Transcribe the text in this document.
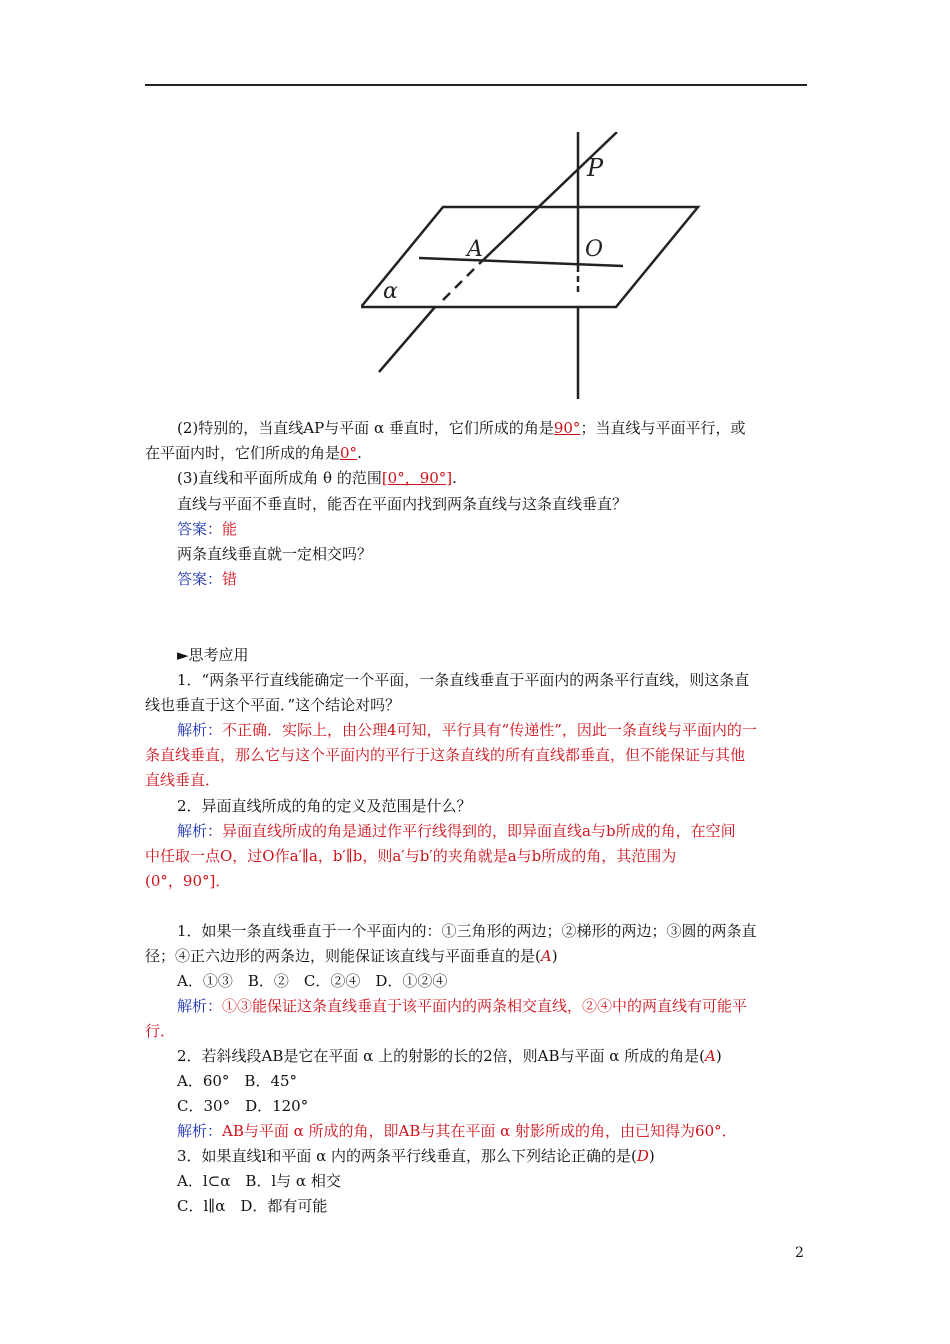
P
A	O
α
(2)特别的，当直线AP与平面 α 垂直时，它们所成的角是90°；当直线与平面平行，或
在平面内时，它们所成的角是0°.
(3)直线和平面所成角 θ 的范围[0°，90°].
直线与平面不垂直时，能否在平面内找到两条直线与这条直线垂直？
答案：能
两条直线垂直就一定相交吗？
答案：错
►思考应用
1．“两条平行直线能确定一个平面，一条直线垂直于平面内的两条平行直线，则这条直
线也垂直于这个平面．”这个结论对吗？
解析：不正确．实际上，由公理4可知，平行具有“传递性”，因此一条直线与平面内的一
条直线垂直，那么它与这个平面内的平行于这条直线的所有直线都垂直，但不能保证与其他
直线垂直．
2．异面直线所成的角的定义及范围是什么？
解析：异面直线所成的角是通过作平行线得到的，即异面直线a与b所成的角，在空间
中任取一点O，过O作a′∥a，b′∥b，则a′与b′的夹角就是a与b所成的角，其范围为
(0°，90°]．
1．如果一条直线垂直于一个平面内的：①三角形的两边；②梯形的两边；③圆的两条直
径；④正六边形的两条边，则能保证该直线与平面垂直的是(A)
A．①③　B．②　C．②④　D．①②④
解析：①③能保证这条直线垂直于该平面内的两条相交直线，②④中的两直线有可能平
行．
2．若斜线段AB是它在平面 α 上的射影的长的2倍，则AB与平面 α 所成的角是(A)
A．60°　B．45°
C．30°　D．120°
解析：AB与平面 α 所成的角，即AB与其在平面 α 射影所成的角，由已知得为60°．
3．如果直线l和平面 α 内的两条平行线垂直，那么下列结论正确的是(D)
A．l⊂α　B．l与 α 相交
C．l∥α　D．都有可能
2
